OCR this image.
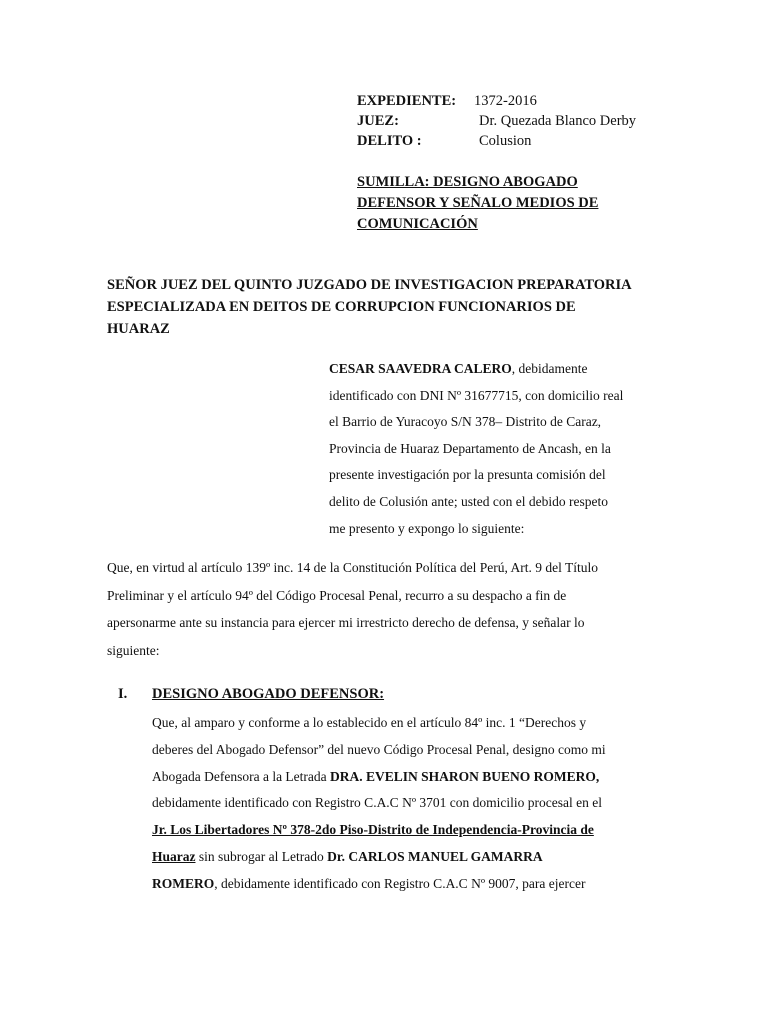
EXPEDIENTE: 1372-2016
JUEZ:	Dr. Quezada Blanco Derby
DELITO :	Colusion
SUMILLA: DESIGNO ABOGADO
DEFENSOR Y SEÑALO MEDIOS DE
COMUNICACIÓN
SEÑOR JUEZ DEL QUINTO JUZGADO DE INVESTIGACION PREPARATORIA
ESPECIALIZADA EN DEITOS DE CORRUPCION FUNCIONARIOS DE
HUARAZ
CESAR SAAVEDRA CALERO, debidamente
identificado con DNI Nº 31677715, con domicilio real
el Barrio de Yuracoyo S/N 378– Distrito de Caraz,
Provincia de Huaraz Departamento de Ancash, en la
presente investigación por la presunta comisión del
delito de Colusión ante; usted con el debido respeto
me presento y expongo lo siguiente:
Que, en virtud al artículo 139º inc. 14 de la Constitución Política del Perú, Art. 9 del Título
Preliminar y el artículo 94º del Código Procesal Penal, recurro a su despacho a fin de
apersonarme ante su instancia para ejercer mi irrestricto derecho de defensa, y señalar lo
siguiente:
I. DESIGNO ABOGADO DEFENSOR:
Que, al amparo y conforme a lo establecido en el artículo 84º inc. 1 “Derechos y
deberes del Abogado Defensor” del nuevo Código Procesal Penal, designo como mi
Abogada Defensora a la Letrada DRA. EVELIN SHARON BUENO ROMERO,
debidamente identificado con Registro C.A.C Nº 3701 con domicilio procesal en el
Jr. Los Libertadores Nº 378-2do Piso-Distrito de Independencia-Provincia de
Huaraz sin subrogar al Letrado Dr. CARLOS MANUEL GAMARRA
ROMERO, debidamente identificado con Registro C.A.C Nº 9007, para ejercer
